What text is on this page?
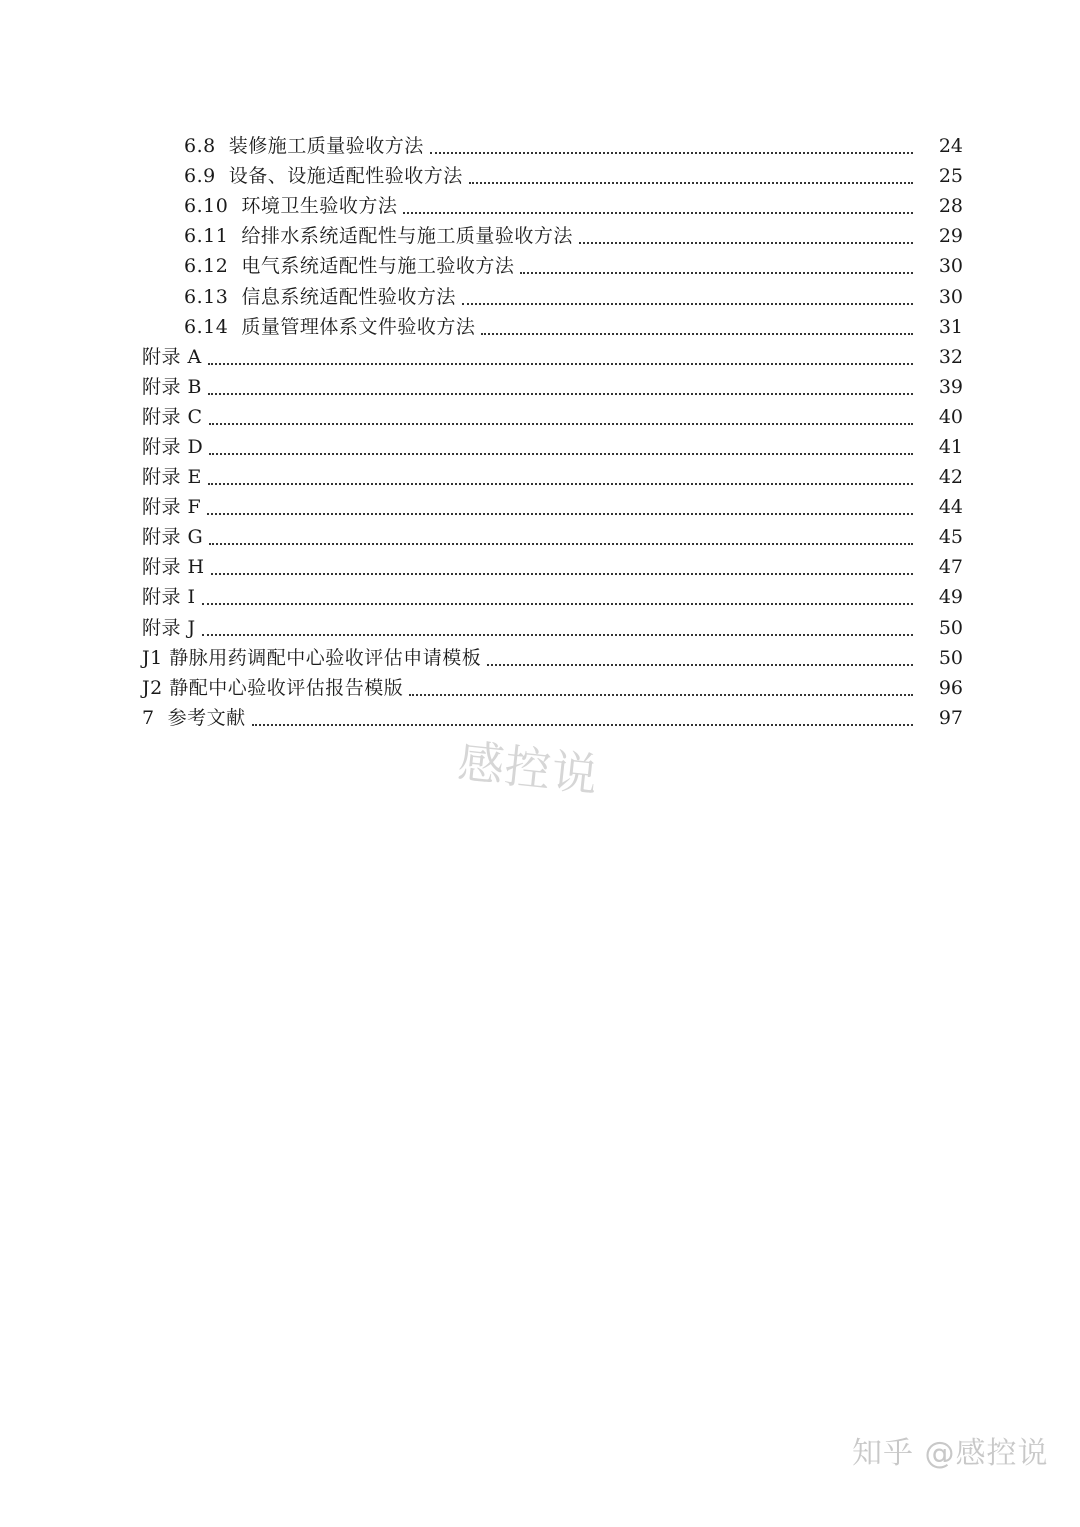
6.8  装修施工质量验收方法	24
6.9  设备、设施适配性验收方法	25
6.10  环境卫生验收方法	28
6.11  给排水系统适配性与施工质量验收方法	29
6.12  电气系统适配性与施工验收方法	30
6.13  信息系统适配性验收方法	30
6.14  质量管理体系文件验收方法	31
附录 A	32
附录 B	39
附录 C	40
附录 D	41
附录 E	42
附录 F	44
附录 G	45
附录 H	47
附录 I	49
附录 J	50
J1 静脉用药调配中心验收评估申请模板	50
J2 静配中心验收评估报告模版	96
7  参考文献	97
感控说
知乎 @感控说
